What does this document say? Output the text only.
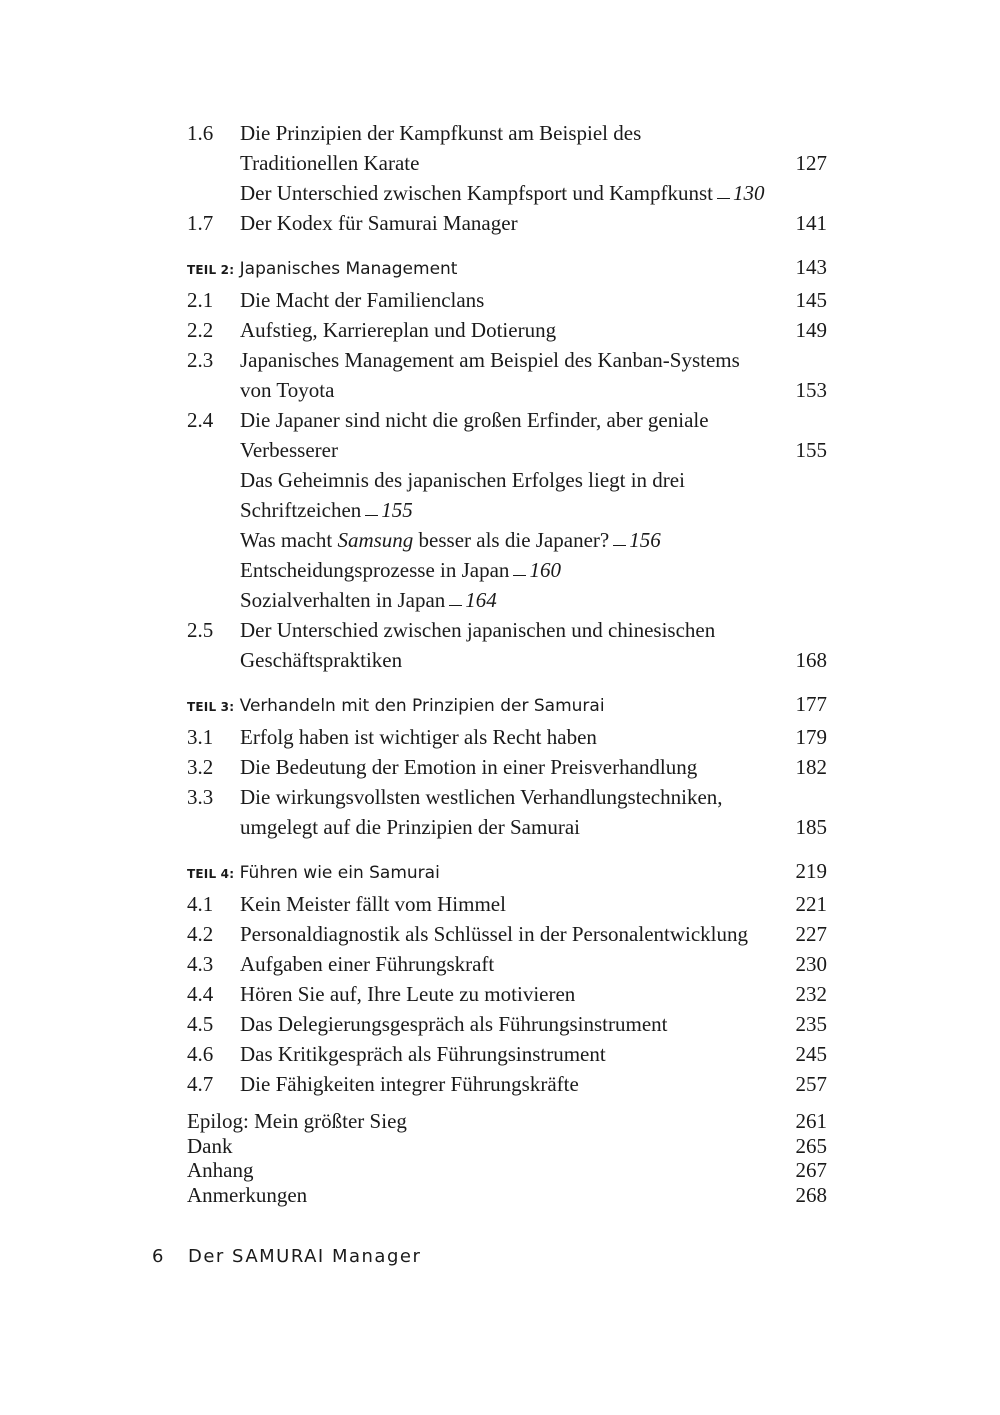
1.6	Die Prinzipien der Kampfkunst am Beispiel des
Traditionellen Karate	127
Der Unterschied zwischen Kampfsport und Kampfkunst 130
1.7	Der Kodex für Samurai Manager	141
TEIL 2: Japanisches Management	143
2.1	Die Macht der Familienclans	145
2.2	Aufstieg, Karriereplan und Dotierung	149
2.3	Japanisches Management am Beispiel des Kanban-Systems
von Toyota	153
2.4	Die Japaner sind nicht die großen Erfinder, aber geniale
Verbesserer	155
Das Geheimnis des japanischen Erfolges liegt in drei
Schriftzeichen 155
Was macht Samsung besser als die Japaner? 156
Entscheidungsprozesse in Japan 160
Sozialverhalten in Japan 164
2.5	Der Unterschied zwischen japanischen und chinesischen
Geschäftspraktiken	168
TEIL 3: Verhandeln mit den Prinzipien der Samurai	177
3.1	Erfolg haben ist wichtiger als Recht haben	179
3.2	Die Bedeutung der Emotion in einer Preisverhandlung	182
3.3	Die wirkungsvollsten westlichen Verhandlungstechniken,
umgelegt auf die Prinzipien der Samurai	185
TEIL 4: Führen wie ein Samurai	219
4.1	Kein Meister fällt vom Himmel	221
4.2	Personaldiagnostik als Schlüssel in der Personalentwicklung	227
4.3	Aufgaben einer Führungskraft	230
4.4	Hören Sie auf, Ihre Leute zu motivieren	232
4.5	Das Delegierungsgespräch als Führungsinstrument	235
4.6	Das Kritikgespräch als Führungsinstrument	245
4.7	Die Fähigkeiten integrer Führungskräfte	257
Epilog: Mein größter Sieg	261
Dank	265
Anhang	267
Anmerkungen	268
6 Der SAMURAI Manager
